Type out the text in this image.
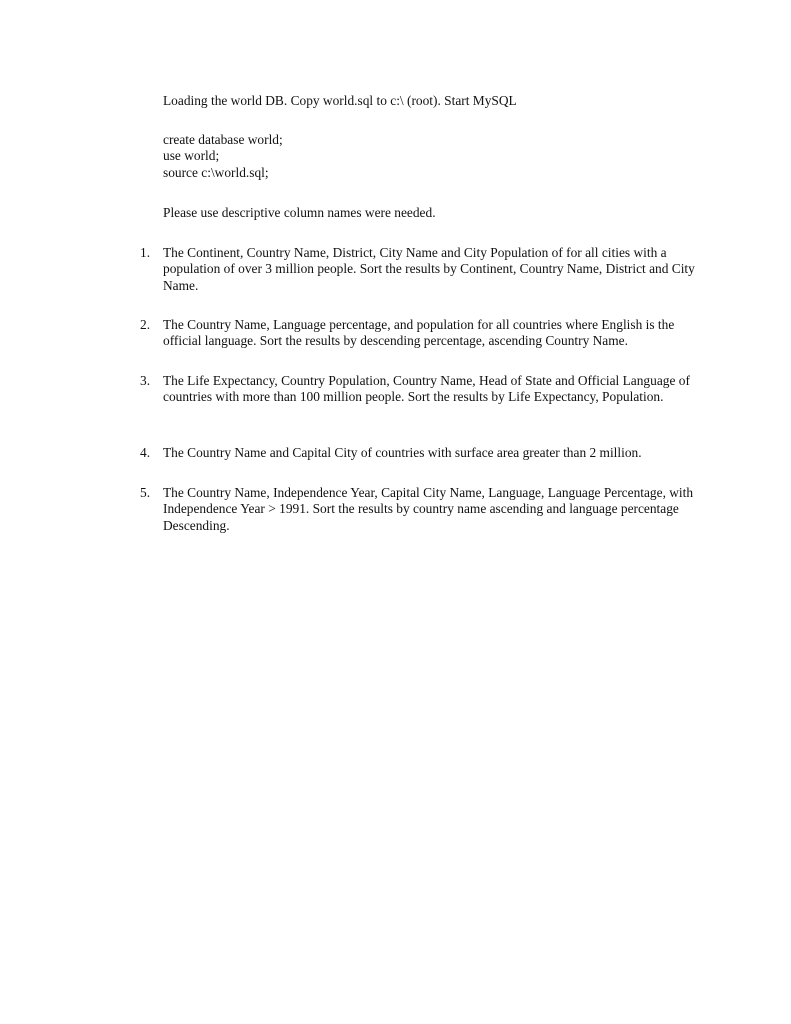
Loading the world DB. Copy world.sql to c:\ (root). Start MySQL

create database world;
use world;
source c:\world.sql;

Please use descriptive column names were needed.

1. The Continent, Country Name, District, City Name and City Population of for all cities with a population of over 3 million people. Sort the results by Continent, Country Name, District and City Name.
2. The Country Name, Language percentage, and population for all countries where English is the official language. Sort the results by descending percentage, ascending Country Name.
3. The Life Expectancy, Country Population, Country Name, Head of State and Official Language of countries with more than 100 million people. Sort the results by Life Expectancy, Population.
4. The Country Name and Capital City of countries with surface area greater than 2 million.
5. The Country Name, Independence Year, Capital City Name, Language, Language Percentage, with Independence Year > 1991. Sort the results by country name ascending and language percentage Descending.
